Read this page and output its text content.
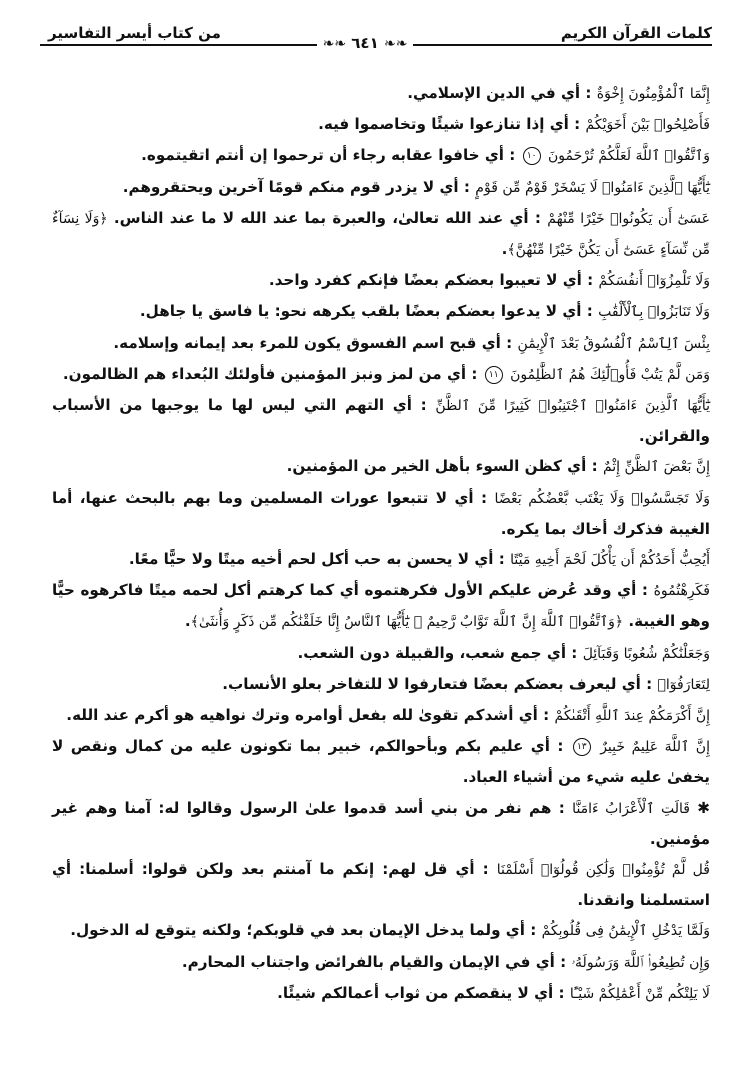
كلمات القرآن الكريم
من كتاب أيسر التفاسير
❧❧ ٦٤١ ❧❧

إِنَّمَا ٱلْمُؤْمِنُونَ إِخْوَةٌ : أي في الدين الإسلامي.

فَأَصْلِحُوا۟ بَيْنَ أَخَوَيْكُمْ : أي إذا تنازعوا شيئًا وتخاصموا فيه.

وَٱتَّقُوا۟ ٱللَّهَ لَعَلَّكُمْ تُرْحَمُونَ ١٠ : أي خافوا عقابه رجاء أن ترحموا إن أنتم اتقيتموه.

يَٰٓأَيُّهَا ٱلَّذِينَ ءَامَنُوا۟ لَا يَسْخَرْ قَوْمٌ مِّن قَوْمٍ : أي لا يزدر قوم منكم قومًا آخرين ويحتقروهم.

عَسَىٰٓ أَن يَكُونُوا۟ خَيْرًا مِّنْهُمْ : أي عند الله تعالىٰ، والعبرة بما عند الله لا ما عند الناس. ﴿وَلَا نِسَآءٌ مِّن نِّسَآءٍ عَسَىٰٓ أَن يَكُنَّ خَيْرًا مِّنْهُنَّ﴾.

وَلَا تَلْمِزُوٓا۟ أَنفُسَكُمْ : أي لا تعيبوا بعضكم بعضًا فإنكم كفرد واحد.

وَلَا تَنَابَزُوا۟ بِٱلْأَلْقَٰبِ : أي لا يدعوا بعضكم بعضًا بلقب يكرهه نحو: يا فاسق يا جاهل.

بِئْسَ ٱلِٱسْمُ ٱلْفُسُوقُ بَعْدَ ٱلْإِيمَٰنِ : أي قبح اسم الفسوق يكون للمرء بعد إيمانه وإسلامه.

وَمَن لَّمْ يَتُبْ فَأُو۟لَٰٓئِكَ هُمُ ٱلظَّٰلِمُونَ ١١ : أي من لمز ونبز المؤمنين فأولئك البُعداء هم الظالمون.

يَٰٓأَيُّهَا ٱلَّذِينَ ءَامَنُوا۟ ٱجْتَنِبُوا۟ كَثِيرًا مِّنَ ٱلظَّنِّ : أي التهم التي ليس لها ما يوجبها من الأسباب والقرائن.

إِنَّ بَعْضَ ٱلظَّنِّ إِثْمٌ : أي كظن السوء بأهل الخير من المؤمنين.

وَلَا تَجَسَّسُوا۟ وَلَا يَغْتَب بَّعْضُكُم بَعْضًا : أي لا تتبعوا عورات المسلمين وما بهم بالبحث عنها، أما الغيبة فذكرك أخاك بما يكره.

أَيُحِبُّ أَحَدُكُمْ أَن يَأْكُلَ لَحْمَ أَخِيهِ مَيْتًا : أي لا يحسن به حب أكل لحم أخيه ميتًا ولا حيًّا معًا.

فَكَرِهْتُمُوهُ : أي وقد عُرض عليكم الأول فكرهتموه أي كما كرهتم أكل لحمه ميتًا فاكرهوه حيًّا وهو الغيبة. ﴿وَٱتَّقُوا۟ ٱللَّهَ إِنَّ ٱللَّهَ تَوَّابٌ رَّحِيمٌ ⑫ يَٰٓأَيُّهَا ٱلنَّاسُ إِنَّا خَلَقْنَٰكُم مِّن ذَكَرٍ وَأُنثَىٰ﴾.

وَجَعَلْنَٰكُمْ شُعُوبًا وَقَبَآئِلَ : أي جمع شعب، والقبيلة دون الشعب.

لِتَعَارَفُوٓا۟ : أي ليعرف بعضكم بعضًا فتعارفوا لا للتفاخر بعلو الأنساب.

إِنَّ أَكْرَمَكُمْ عِندَ ٱللَّهِ أَتْقَىٰكُمْ : أي أشدكم تقوىٰ لله بفعل أوامره وترك نواهيه هو أكرم عند الله.

إِنَّ ٱللَّهَ عَلِيمٌ خَبِيرٌ ١٣ : أي عليم بكم وبأحوالكم، خبير بما تكونون عليه من كمال ونقص لا يخفىٰ عليه شيء من أشياء العباد.

✱ قَالَتِ ٱلْأَعْرَابُ ءَامَنَّا : هم نفر من بني أسد قدموا علىٰ الرسول وقالوا له: آمنا وهم غير مؤمنين.

قُل لَّمْ تُؤْمِنُوا۟ وَلَٰكِن قُولُوٓا۟ أَسْلَمْنَا : أي قل لهم: إنكم ما آمنتم بعد ولكن قولوا: أسلمنا: أي استسلمنا وانقدنا.

وَلَمَّا يَدْخُلِ ٱلْإِيمَٰنُ فِى قُلُوبِكُمْ : أي ولما يدخل الإيمان بعد في قلوبكم؛ ولكنه يتوقع له الدخول.

وَإِن تُطِيعُوا۟ ٱللَّهَ وَرَسُولَهُۥ : أي في الإيمان والقيام بالفرائض واجتناب المحارم.

لَا يَلِتْكُم مِّنْ أَعْمَٰلِكُمْ شَيْـًٔا : أي لا ينقصكم من ثواب أعمالكم شيئًا.
